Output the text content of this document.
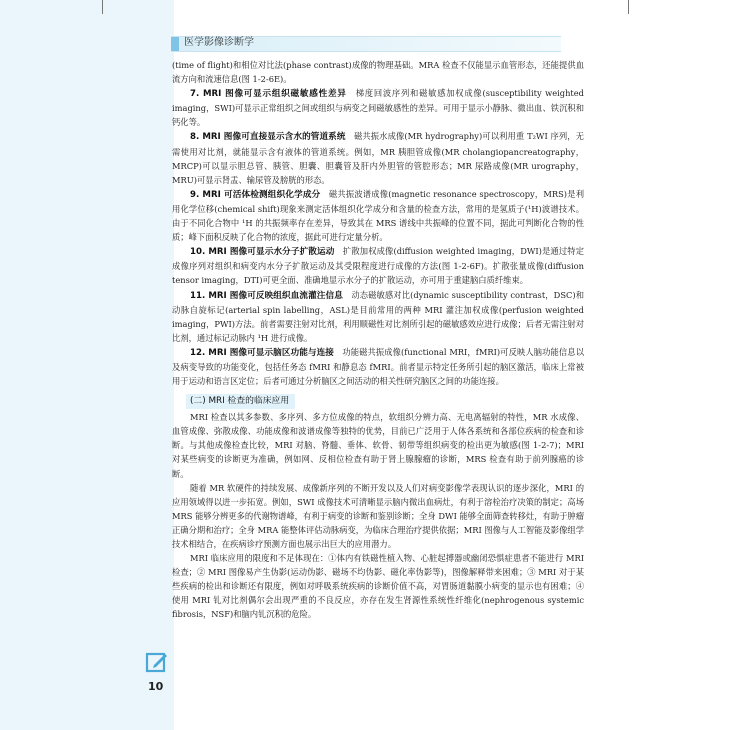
医学影像诊断学

(time of flight)和相位对比法(phase contrast)成像的物理基础。MRA 检查不仅能显示血管形态，还能提供血流方向和流速信息(图 1-2-6E)。

7. MRI 图像可显示组织磁敏感性差异　 梯度回波序列和磁敏感加权成像(susceptibility weighted imaging，SWI)可显示正常组织之间或组织与病变之间磁敏感性的差异。可用于显示小静脉、微出血、铁沉积和钙化等。

8. MRI 图像可直接显示含水的管道系统　 磁共振水成像(MR hydrography)可以利用重 T₂WI 序列，无需使用对比剂，就能显示含有液体的管道系统。例如，MR 胰胆管成像(MR cholangiopancreatography，MRCP)可以显示胆总管、胰管、胆囊、胆囊管及肝内外胆管的管腔形态；MR 尿路成像(MR urography，MRU)可显示肾盂、输尿管及膀胱的形态。

9. MRI 可活体检测组织化学成分　 磁共振波谱成像(magnetic resonance spectroscopy，MRS)是利用化学位移(chemical shift)现象来测定活体组织化学成分和含量的检查方法，常用的是氢质子(¹H)波谱技术。由于不同化合物中 ¹H 的共振频率存在差异，导致其在 MRS 谱线中共振峰的位置不同，据此可判断化合物的性质；峰下面积反映了化合物的浓度，据此可进行定量分析。

10. MRI 图像可显示水分子扩散运动　 扩散加权成像(diffusion weighted imaging，DWI)是通过特定成像序列对组织和病变内水分子扩散运动及其受限程度进行成像的方法(图 1-2-6F)。扩散张量成像(diffusion tensor imaging，DTI)可更全面、准确地显示水分子的扩散运动，亦可用于重建脑白质纤维束。

11. MRI 图像可反映组织血流灌注信息　 动态磁敏感对比(dynamic susceptibility contrast，DSC)和动脉自旋标记(arterial spin labelling，ASL)是目前常用的两种 MRI 灌注加权成像(perfusion weighted imaging，PWI)方法。前者需要注射对比剂，利用顺磁性对比剂所引起的磁敏感效应进行成像；后者无需注射对比剂，通过标记动脉内 ¹H 进行成像。

12. MRI 图像可显示脑区功能与连接　 功能磁共振成像(functional MRI，fMRI)可反映人脑功能信息以及病变导致的功能变化，包括任务态 fMRI 和静息态 fMRI。前者显示特定任务所引起的脑区激活，临床上常被用于运动和语言区定位；后者可通过分析脑区之间活动的相关性研究脑区之间的功能连接。

(二) MRI 检查的临床应用

MRI 检查以其多参数、多序列、多方位成像的特点，软组织分辨力高、无电离辐射的特性，MR 水成像、血管成像、弥散成像、功能成像和波谱成像等独特的优势，目前已广泛用于人体各系统和各部位疾病的检查和诊断。与其他成像检查比较，MRI 对脑、脊髓、垂体、软骨、韧带等组织病变的检出更为敏感(图 1-2-7)；MRI 对某些病变的诊断更为准确，例如网、反相位检查有助于肾上腺腺瘤的诊断，MRS 检查有助于前列腺癌的诊断。

随着 MR 软硬件的持续发展、成像新序列的不断开发以及人们对病变影像学表现认识的逐步深化，MRI 的应用领域得以进一步拓宽。例如，SWI 成像技术可清晰显示脑内微出血病灶，有利于溶栓治疗决策的制定；高场 MRS 能够分辨更多的代谢物谱峰，有利于病变的诊断和鉴别诊断；全身 DWI 能够全面筛查转移灶，有助于肿瘤正确分期和治疗；全身 MRA 能整体评估动脉病变，为临床合理治疗提供依据；MRI 图像与人工智能及影像组学技术相结合，在疾病诊疗预测方面也展示出巨大的应用潜力。

MRI 临床应用的限度和不足体现在：①体内有铁磁性植入物、心脏起搏器或幽闭恐惧症患者不能进行 MRI 检查；② MRI 图像易产生伪影(运动伪影、磁场不均伪影、磁化率伪影等)，图像解释带来困难；③ MRI 对于某些疾病的检出和诊断还有限度，例如对呼吸系统疾病的诊断价值不高，对胃肠道黏膜小病变的显示也有困难；④使用 MRI 钆对比剂偶尔会出现严重的不良反应，亦存在发生肾源性系统性纤维化(nephrogenous systemic fibrosis，NSF)和脑内钆沉积的危险。

10
